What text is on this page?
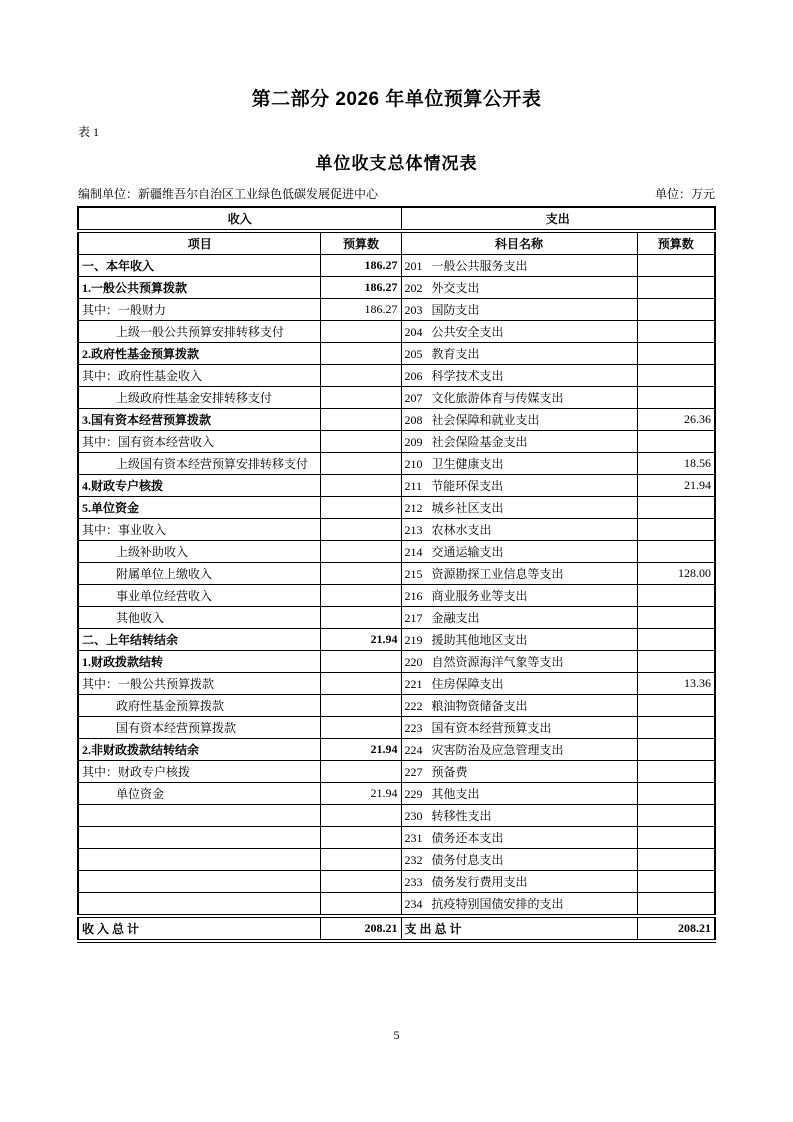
第二部分 2026 年单位预算公开表
表 1
单位收支总体情况表
编制单位：新疆维吾尔自治区工业绿色低碳发展促进中心	单位：万元
收入		支出	
项目	预算数	科目名称	预算数
一、本年收入	186.27	201 一般公共服务支出	
1.一般公共预算拨款	186.27	202 外交支出	
其中：一般财力	186.27	203 国防支出	
上级一般公共预算安排转移支付		204 公共安全支出	
2.政府性基金预算拨款		205 教育支出	
其中：政府性基金收入		206 科学技术支出	
上级政府性基金安排转移支付		207 文化旅游体育与传媒支出	
3.国有资本经营预算拨款		208 社会保障和就业支出	26.36
其中：国有资本经营收入		209 社会保险基金支出	
上级国有资本经营预算安排转移支付		210 卫生健康支出	18.56
4.财政专户核拨		211 节能环保支出	21.94
5.单位资金		212 城乡社区支出	
其中：事业收入		213 农林水支出	
上级补助收入		214 交通运输支出	
附属单位上缴收入		215 资源勘探工业信息等支出	128.00
事业单位经营收入		216 商业服务业等支出	
其他收入		217 金融支出	
二、上年结转结余	21.94	219 援助其他地区支出	
1.财政拨款结转		220 自然资源海洋气象等支出	
其中：一般公共预算拨款		221 住房保障支出	13.36
政府性基金预算拨款		222 粮油物资储备支出	
国有资本经营预算拨款		223 国有资本经营预算支出	
2.非财政拨款结转结余	21.94	224 灾害防治及应急管理支出	
其中：财政专户核拨		227 预备费	
单位资金	21.94	229 其他支出	
		230 转移性支出	
		231 债务还本支出	
		232 债务付息支出	
		233 债务发行费用支出	
		234 抗疫特别国债安排的支出	
收 入 总 计	208.21	支 出 总 计	208.21
5
